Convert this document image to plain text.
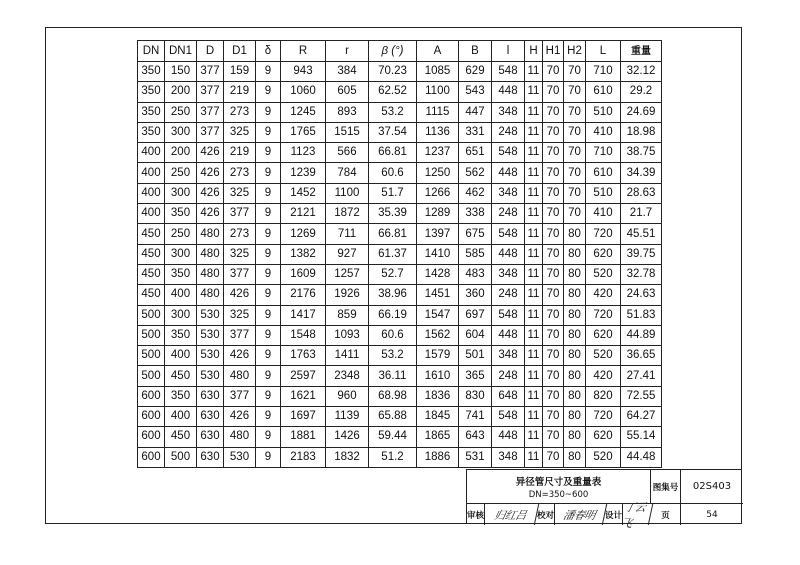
DN	DN1	D	D1	δ	R	r	β (°)	A	B	l	H	H1	H2	L	重量
350	150	377	159	9	943	384	70.23	1085	629	548	11	70	70	710	32.12
350	200	377	219	9	1060	605	62.52	1100	543	448	11	70	70	610	29.2
350	250	377	273	9	1245	893	53.2	1115	447	348	11	70	70	510	24.69
350	300	377	325	9	1765	1515	37.54	1136	331	248	11	70	70	410	18.98
400	200	426	219	9	1123	566	66.81	1237	651	548	11	70	70	710	38.75
400	250	426	273	9	1239	784	60.6	1250	562	448	11	70	70	610	34.39
400	300	426	325	9	1452	1100	51.7	1266	462	348	11	70	70	510	28.63
400	350	426	377	9	2121	1872	35.39	1289	338	248	11	70	70	410	21.7
450	250	480	273	9	1269	711	66.81	1397	675	548	11	70	80	720	45.51
450	300	480	325	9	1382	927	61.37	1410	585	448	11	70	80	620	39.75
450	350	480	377	9	1609	1257	52.7	1428	483	348	11	70	80	520	32.78
450	400	480	426	9	2176	1926	38.96	1451	360	248	11	70	80	420	24.63
500	300	530	325	9	1417	859	66.19	1547	697	548	11	70	80	720	51.83
500	350	530	377	9	1548	1093	60.6	1562	604	448	11	70	80	620	44.89
500	400	530	426	9	1763	1411	53.2	1579	501	348	11	70	80	520	36.65
500	450	530	480	9	2597	2348	36.11	1610	365	248	11	70	80	420	27.41
600	350	630	377	9	1621	960	68.98	1836	830	648	11	70	80	820	72.55
600	400	630	426	9	1697	1139	65.88	1845	741	548	11	70	80	720	64.27
600	450	630	480	9	1881	1426	59.44	1865	643	448	11	70	80	620	55.14
600	500	630	530	9	2183	1832	51.2	1886	531	348	11	70	80	520	44.48
异径管尺寸及重量表
DN=350~600
图集号	02S403
审核 归红吕	校对 潘春明 设计
丁云飞
页	54
